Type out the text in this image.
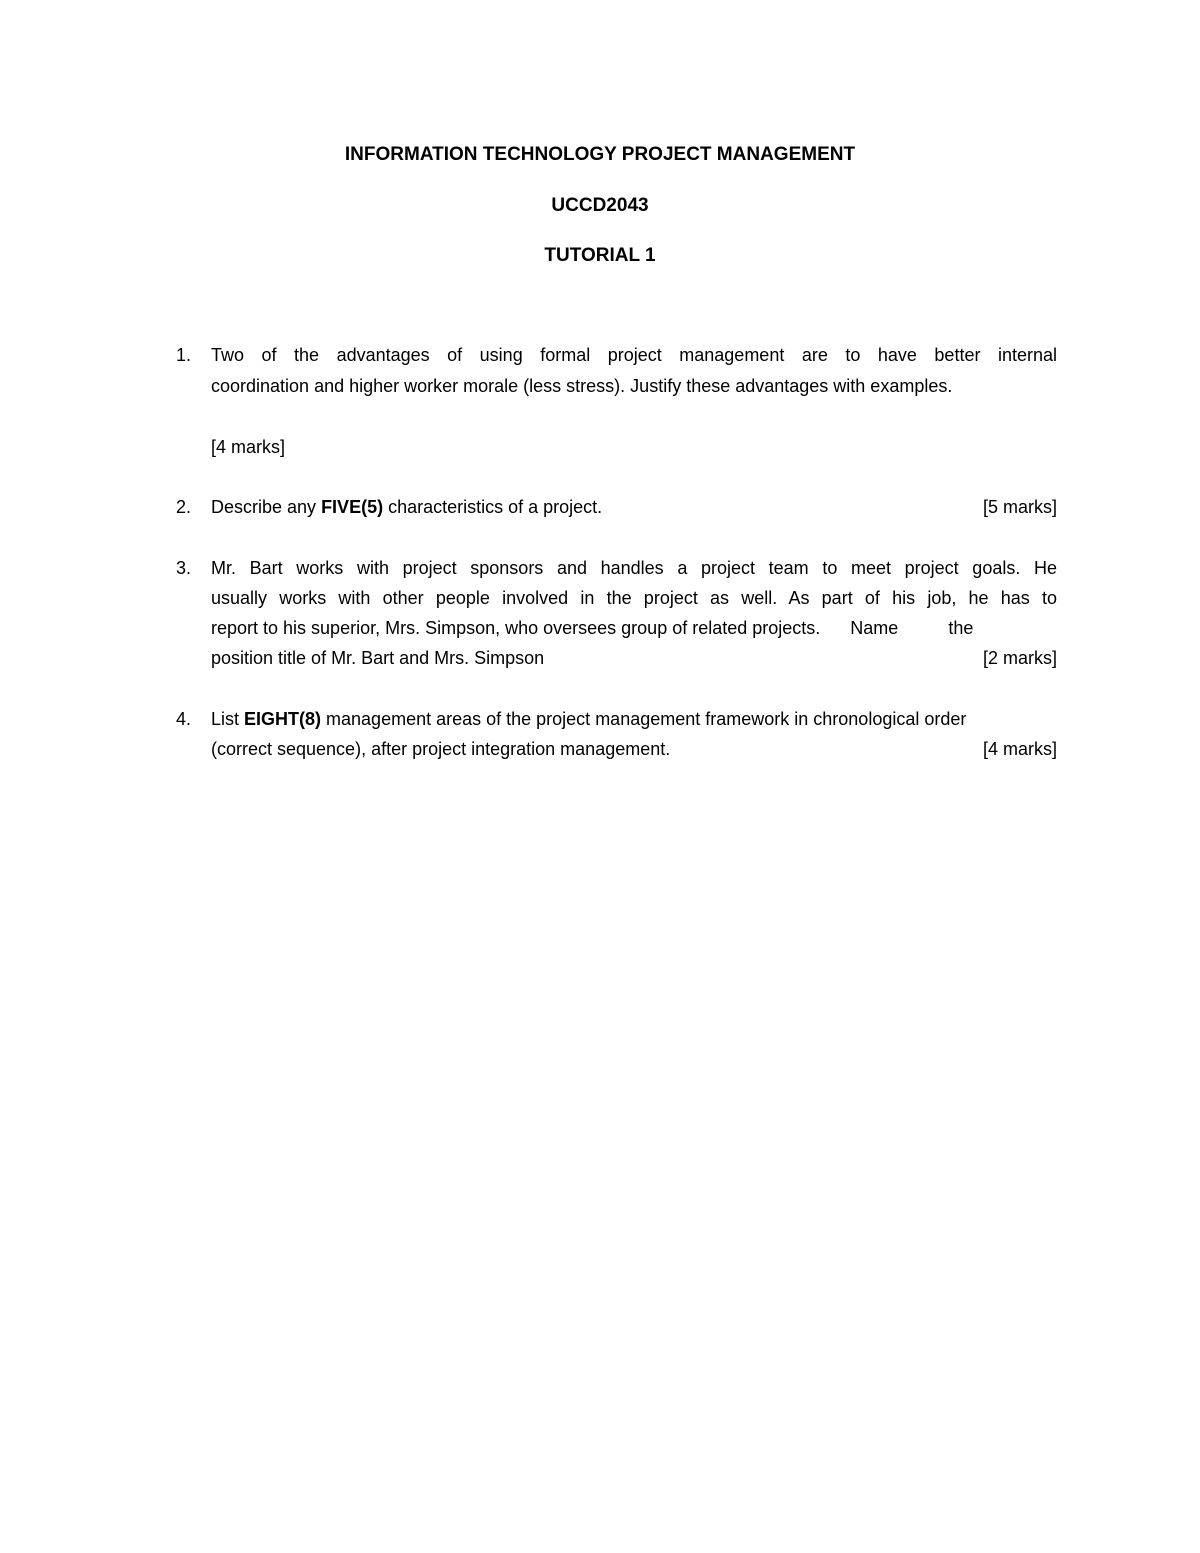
INFORMATION TECHNOLOGY PROJECT MANAGEMENT
UCCD2043
TUTORIAL 1
1. Two of the advantages of using formal project management are to have better internal
coordination and higher worker morale (less stress). Justify these advantages with examples.
[4 marks]
2. Describe any FIVE(5) characteristics of a project.	[5 marks]
3. Mr. Bart works with project sponsors and handles a project team to meet project goals. He
usually works with other people involved in the project as well. As part of his job, he has to
report to his superior, Mrs. Simpson, who oversees group of related projects.      Name          the
position title of Mr. Bart and Mrs. Simpson	[2 marks]
4. List EIGHT(8) management areas of the project management framework in chronological order
(correct sequence), after project integration management.	[4 marks]
